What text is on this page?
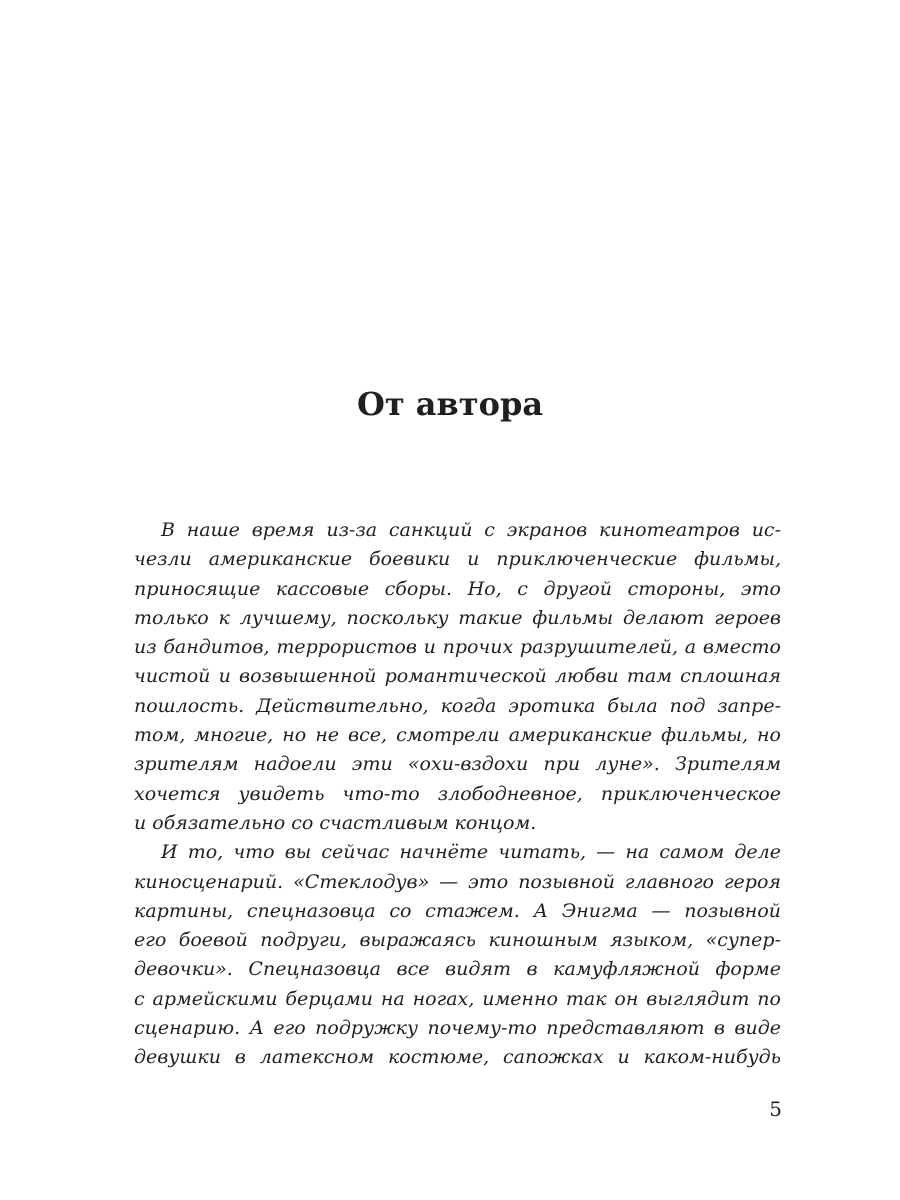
От автора
В наше время из-за санкций с экранов кинотеатров ис-
чезли американские боевики и приключенческие фильмы,
приносящие кассовые сборы. Но, с другой стороны, это
только к лучшему, поскольку такие фильмы делают героев
из бандитов, террористов и прочих разрушителей, а вместо
чистой и возвышенной романтической любви там сплошная
пошлость. Действительно, когда эротика была под запре-
том, многие, но не все, смотрели американские фильмы, но
зрителям надоели эти «охи-вздохи при луне». Зрителям
хочется увидеть что-то злободневное, приключенческое
и обязательно со счастливым концом.
И то, что вы сейчас начнёте читать, — на самом деле
киносценарий. «Стеклодув» — это позывной главного героя
картины, спецназовца со стажем. А Энигма — позывной
его боевой подруги, выражаясь киношным языком, «супер-
девочки». Спецназовца все видят в камуфляжной форме
с армейскими берцами на ногах, именно так он выглядит по
сценарию. А его подружку почему-то представляют в виде
девушки в латексном костюме, сапожках и каком-нибудь
5
